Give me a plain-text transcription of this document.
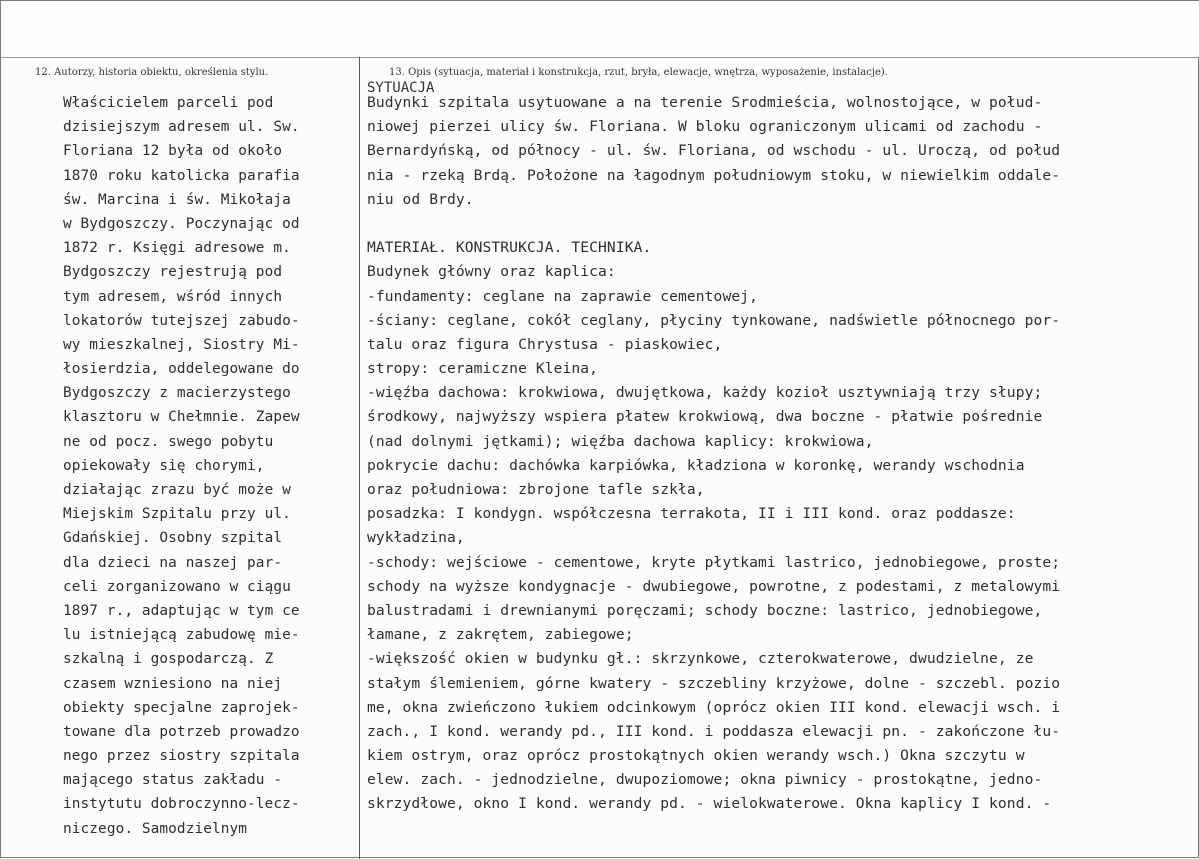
12. Autorzy, historia obiektu, określenia stylu.	13. Opis (sytuacja, materiał i konstrukcja, rzut, bryła, elewacje, wnętrza, wyposażenie, instalacje).
SYTUACJA
Właścicielem parceli pod
dzisiejszym adresem ul. Sw.
Floriana 12 była od około
1870 roku katolicka parafia
św. Marcina i św. Mikołaja
w Bydgoszczy. Poczynając od
1872 r. Księgi adresowe m.
Bydgoszczy rejestrują pod
tym adresem, wśród innych
lokatorów tutejszej zabudo-
wy mieszkalnej, Siostry Mi-
łosierdzia, oddelegowane do
Bydgoszczy z macierzystego
klasztoru w Chełmnie. Zapew
ne od pocz. swego pobytu
opiekowały się chorymi,
działając zrazu być może w
Miejskim Szpitalu przy ul.
Gdańskiej. Osobny szpital
dla dzieci na naszej par-
celi zorganizowano w ciągu
1897 r., adaptując w tym ce
lu istniejącą zabudowę mie-
szkalną i gospodarczą. Z
czasem wzniesiono na niej
obiekty specjalne zaprojek-
towane dla potrzeb prowadzo
nego przez siostry szpitala
mającego status zakładu -
instytutu dobroczynno-lecz-
niczego. Samodzielnym
Budynki szpitala usytuowane a na terenie Srodmieścia, wolnostojące, w połud-
niowej pierzei ulicy św. Floriana. W bloku ograniczonym ulicami od zachodu -
Bernardyńską, od północy - ul. św. Floriana, od wschodu - ul. Uroczą, od połud
nia - rzeką Brdą. Położone na łagodnym południowym stoku, w niewielkim oddale-
niu od Brdy.
MATERIAŁ. KONSTRUKCJA. TECHNIKA.
Budynek główny oraz kaplica:
-fundamenty: ceglane na zaprawie cementowej,
-ściany: ceglane, cokół ceglany, płyciny tynkowane, nadświetle północnego por-
talu oraz figura Chrystusa - piaskowiec,
stropy: ceramiczne Kleina,
-więźba dachowa: krokwiowa, dwujętkowa, każdy kozioł usztywniają trzy słupy;
środkowy, najwyższy wspiera płatew krokwiową, dwa boczne - płatwie pośrednie
(nad dolnymi jętkami); więźba dachowa kaplicy: krokwiowa,
pokrycie dachu: dachówka karpiówka, kładziona w koronkę, werandy wschodnia
oraz południowa: zbrojone tafle szkła,
posadzka: I kondygn. współczesna terrakota, II i III kond. oraz poddasze:
wykładzina,
-schody: wejściowe - cementowe, kryte płytkami lastrico, jednobiegowe, proste;
schody na wyższe kondygnacje - dwubiegowe, powrotne, z podestami, z metalowymi
balustradami i drewnianymi poręczami; schody boczne: lastrico, jednobiegowe,
łamane, z zakrętem, zabiegowe;
-większość okien w budynku gł.: skrzynkowe, czterokwaterowe, dwudzielne, ze
stałym ślemieniem, górne kwatery - szczebliny krzyżowe, dolne - szczebl. pozio
me, okna zwieńczono łukiem odcinkowym (oprócz okien III kond. elewacji wsch. i
zach., I kond. werandy pd., III kond. i poddasza elewacji pn. - zakończone łu-
kiem ostrym, oraz oprócz prostokątnych okien werandy wsch.) Okna szczytu w
elew. zach. - jednodzielne, dwupoziomowe; okna piwnicy - prostokątne, jedno-
skrzydłowe, okno I kond. werandy pd. - wielokwaterowe. Okna kaplicy I kond. -
